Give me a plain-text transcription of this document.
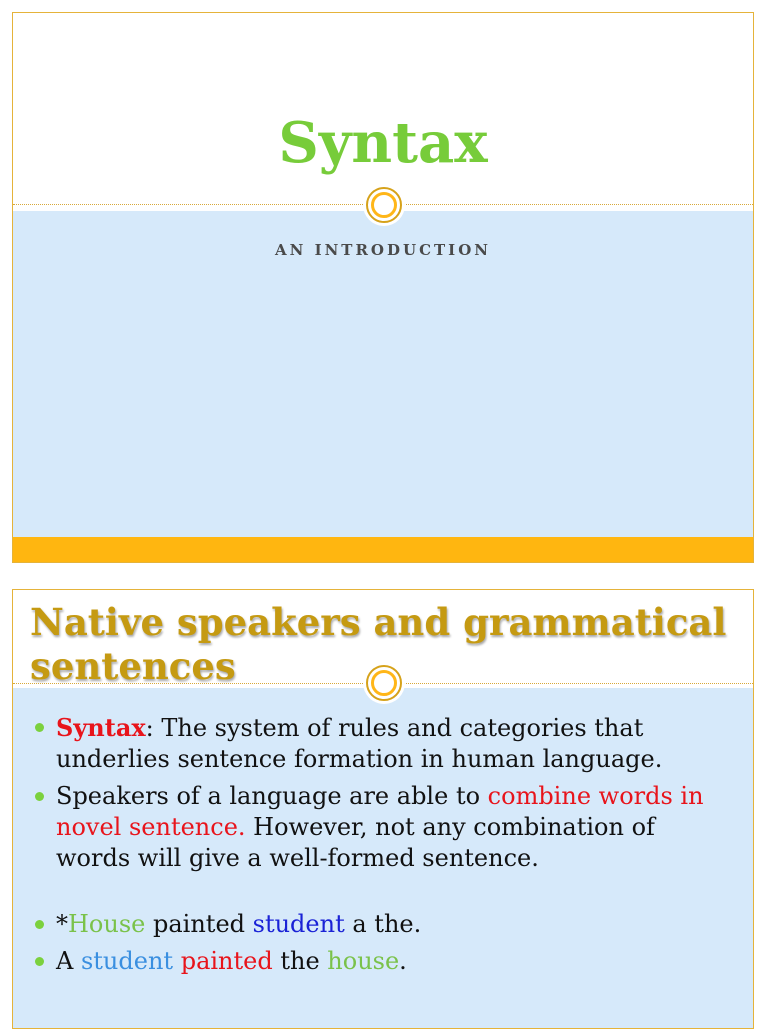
Syntax
AN INTRODUCTION
Native speakers and grammatical sentences
Syntax: The system of rules and categories that underlies sentence formation in human language.
Speakers of a language are able to combine words in novel sentence. However, not any combination of words will give a well-formed sentence.
*House painted student a the.
A student painted the house.
